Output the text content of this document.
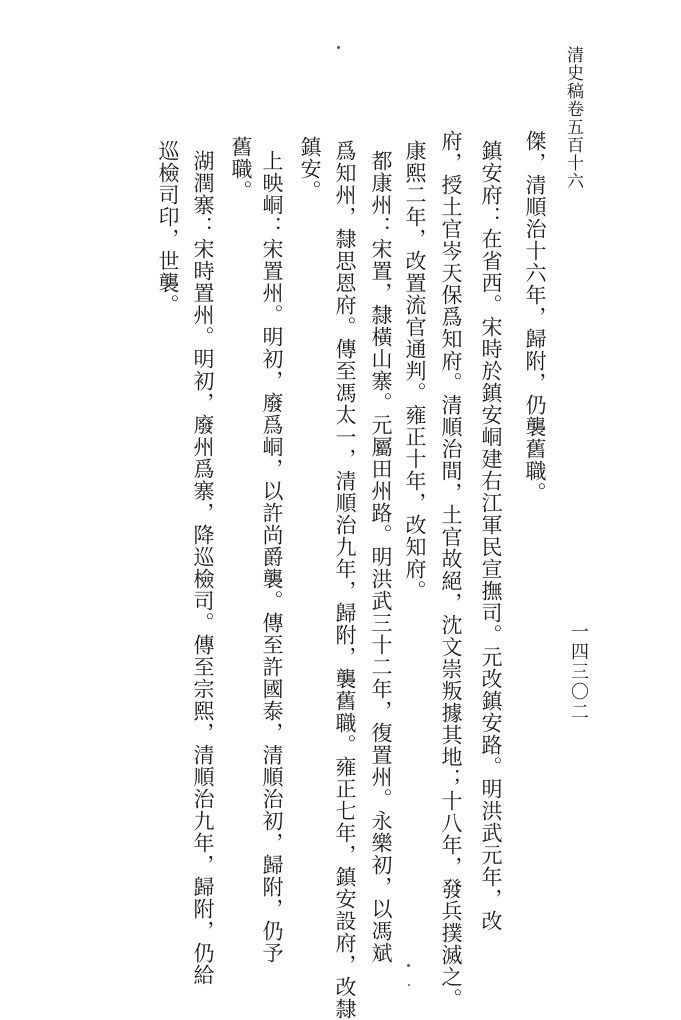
清史稿卷五百十六
一四三〇二
傑，清順治十六年，歸附，仍襲舊職。
鎮安府：在省西。宋時於鎮安峒建右江軍民宣撫司。元改鎮安路。明洪武元年，改
府，授土官岑天保爲知府。清順治間，土官故絕，沈文崇叛據其地；十八年，發兵撲滅之。
康熙二年，改置流官通判。雍正十年，改知府。
都康州：宋置，隸橫山寨。元屬田州路。明洪武三十二年，復置州。永樂初，以馮斌
爲知州，隸思恩府。傳至馮太一，清順治九年，歸附，襲舊職。雍正七年，鎮安設府，改隸
鎮安。
上映峒：宋置州。明初，廢爲峒，以許尚爵襲。傳至許國泰，清順治初，歸附，仍予
舊職。
湖潤寨：宋時置州。明初，廢州爲寨，降巡檢司。傳至宗熙，清順治九年，歸附，仍給
巡檢司印，世襲。
